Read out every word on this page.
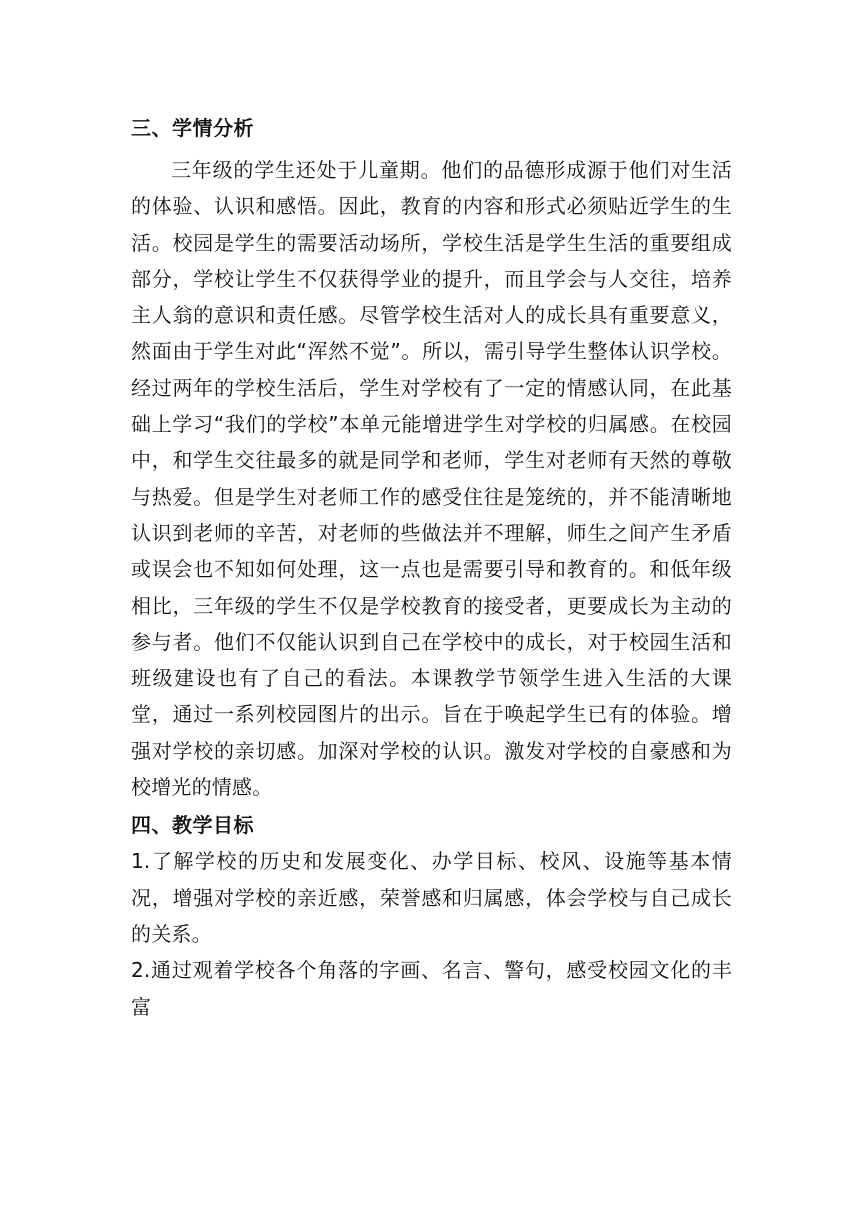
三、学情分析

三年级的学生还处于儿童期。他们的品德形成源于他们对生活的体验、认识和感悟。因此，教育的内容和形式必须贴近学生的生活。校园是学生的需要活动场所，学校生活是学生生活的重要组成部分，学校让学生不仅获得学业的提升，而且学会与人交往，培养主人翁的意识和责任感。尽管学校生活对人的成长具有重要意义，然面由于学生对此“浑然不觉”。所以，需引导学生整体认识学校。经过两年的学校生活后，学生对学校有了一定的情感认同，在此基础上学习“我们的学校”本单元能增进学生对学校的归属感。在校园中，和学生交往最多的就是同学和老师，学生对老师有天然的尊敬与热爱。但是学生对老师工作的感受住往是笼统的，并不能清晰地认识到老师的辛苦，对老师的些做法并不理解，师生之间产生矛盾或误会也不知如何处理，这一点也是需要引导和教育的。和低年级相比，三年级的学生不仅是学校教育的接受者，更要成长为主动的参与者。他们不仅能认识到自己在学校中的成长，对于校园生活和班级建设也有了自己的看法。本课教学节领学生进入生活的大课堂，通过一系列校园图片的出示。旨在于唤起学生已有的体验。增强对学校的亲切感。加深对学校的认识。激发对学校的自豪感和为校增光的情感。

四、教学目标

1.了解学校的历史和发展变化、办学目标、校风、设施等基本情况，增强对学校的亲近感，荣誉感和归属感，体会学校与自己成长的关系。

2.通过观着学校各个角落的字画、名言、警句，感受校园文化的丰富
